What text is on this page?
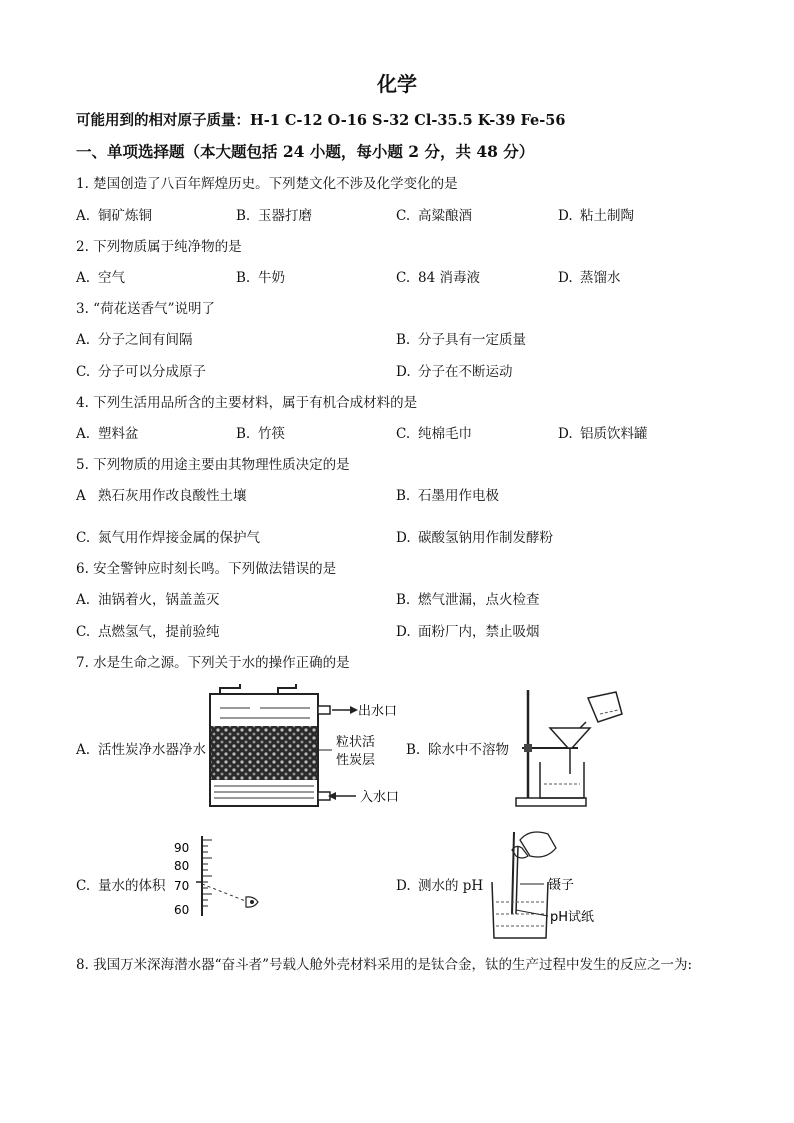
化学
可能用到的相对原子质量：H-1 C-12 O-16 S-32 Cl-35.5 K-39 Fe-56
一、单项选择题（本大题包括 24 小题，每小题 2 分，共 48 分）
1. 楚国创造了八百年辉煌历史。下列楚文化不涉及化学变化的是
A. 铜矿炼铜	B. 玉器打磨	C. 高粱酿酒	D. 粘土制陶
2. 下列物质属于纯净物的是
A. 空气	B. 牛奶	C. 84 消毒液	D. 蒸馏水
3. “荷花送香气”说明了
A. 分子之间有间隔	B. 分子具有一定质量
C. 分子可以分成原子	D. 分子在不断运动
4. 下列生活用品所含的主要材料，属于有机合成材料的是
A. 塑料盆	B. 竹筷	C. 纯棉毛巾	D. 铝质饮料罐
5. 下列物质的用途主要由其物理性质决定的是
A 熟石灰用作改良酸性土壤	B. 石墨用作电极
C. 氮气用作焊接金属的保护气	D. 碳酸氢钠用作制发酵粉
6. 安全警钟应时刻长鸣。下列做法错误的是
A. 油锅着火，锅盖盖灭	B. 燃气泄漏，点火检查
C. 点燃氢气，提前验纯	D. 面粉厂内，禁止吸烟
7. 水是生命之源。下列关于水的操作正确的是
A. 活性炭净水器净水	B. 除水中不溶物
C. 量水的体积	D. 测水的 pH
8. 我国万米深海潜水器“奋斗者”号载人舱外壳材料采用的是钛合金，钛的生产过程中发生的反应之一为:
出水口
入水口
粒状活
性炭层
90
80
70
60
镊子
pH试纸
